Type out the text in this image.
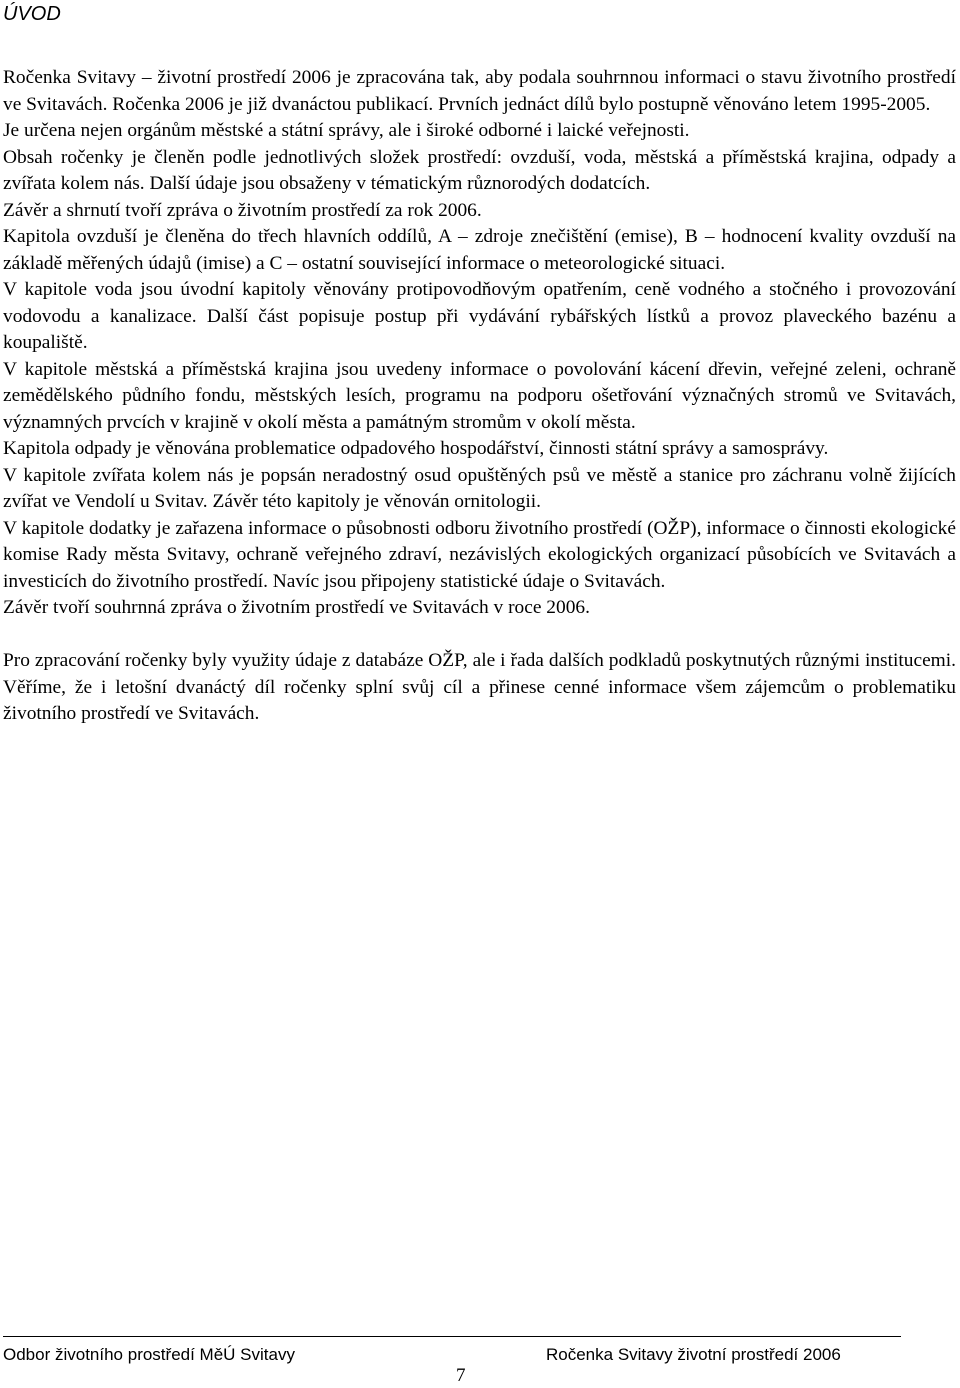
ÚVOD

Ročenka Svitavy – životní prostředí 2006 je zpracována tak, aby podala souhrnnou informaci o stavu životního prostředí ve Svitavách. Ročenka 2006 je již dvanáctou publikací. Prvních jednáct dílů bylo postupně věnováno letem 1995-2005.

Je určena nejen orgánům městské a státní správy, ale i široké odborné i laické veřejnosti.

Obsah ročenky je členěn podle jednotlivých složek prostředí: ovzduší, voda, městská a příměstská krajina, odpady a zvířata kolem nás. Další údaje jsou obsaženy v tématickým různorodých dodatcích.

Závěr a shrnutí tvoří zpráva o životním prostředí za rok 2006.

Kapitola ovzduší je členěna do třech hlavních oddílů, A – zdroje znečištění (emise), B – hodnocení kvality ovzduší na základě měřených údajů (imise) a C – ostatní související informace o meteorologické situaci.

V kapitole voda jsou úvodní kapitoly věnovány protipovodňovým opatřením, ceně vodného a stočného i provozování vodovodu a kanalizace. Další část popisuje postup při vydávání rybářských lístků a provoz plaveckého bazénu a koupaliště.

V kapitole městská a příměstská krajina jsou uvedeny informace o povolování kácení dřevin, veřejné zeleni, ochraně zemědělského půdního fondu, městských lesích, programu na podporu ošetřování význačných stromů ve Svitavách, významných prvcích v krajině v okolí města a památným stromům v okolí města.

Kapitola odpady je věnována problematice odpadového hospodářství, činnosti státní správy a samosprávy.

V kapitole zvířata kolem nás je popsán neradostný osud opuštěných psů ve městě a stanice pro záchranu volně žijících zvířat ve Vendolí u Svitav. Závěr této kapitoly je věnován ornitologii.

V kapitole dodatky je zařazena informace o působnosti odboru životního prostředí (OŽP), informace o činnosti ekologické komise Rady města Svitavy, ochraně veřejného zdraví, nezávislých ekologických organizací působících ve Svitavách a investicích do životního prostředí. Navíc jsou připojeny statistické údaje o Svitavách.

Závěr tvoří souhrnná zpráva o životním prostředí ve Svitavách v roce 2006.

Pro zpracování ročenky byly využity údaje z databáze OŽP, ale i řada dalších podkladů poskytnutých různými institucemi. Věříme, že i letošní dvanáctý díl ročenky splní svůj cíl a přinese cenné informace všem zájemcům o problematiku životního prostředí ve Svitavách.

Odbor životního prostředí MěÚ Svitavy	Ročenka Svitavy životní prostředí 2006
7
